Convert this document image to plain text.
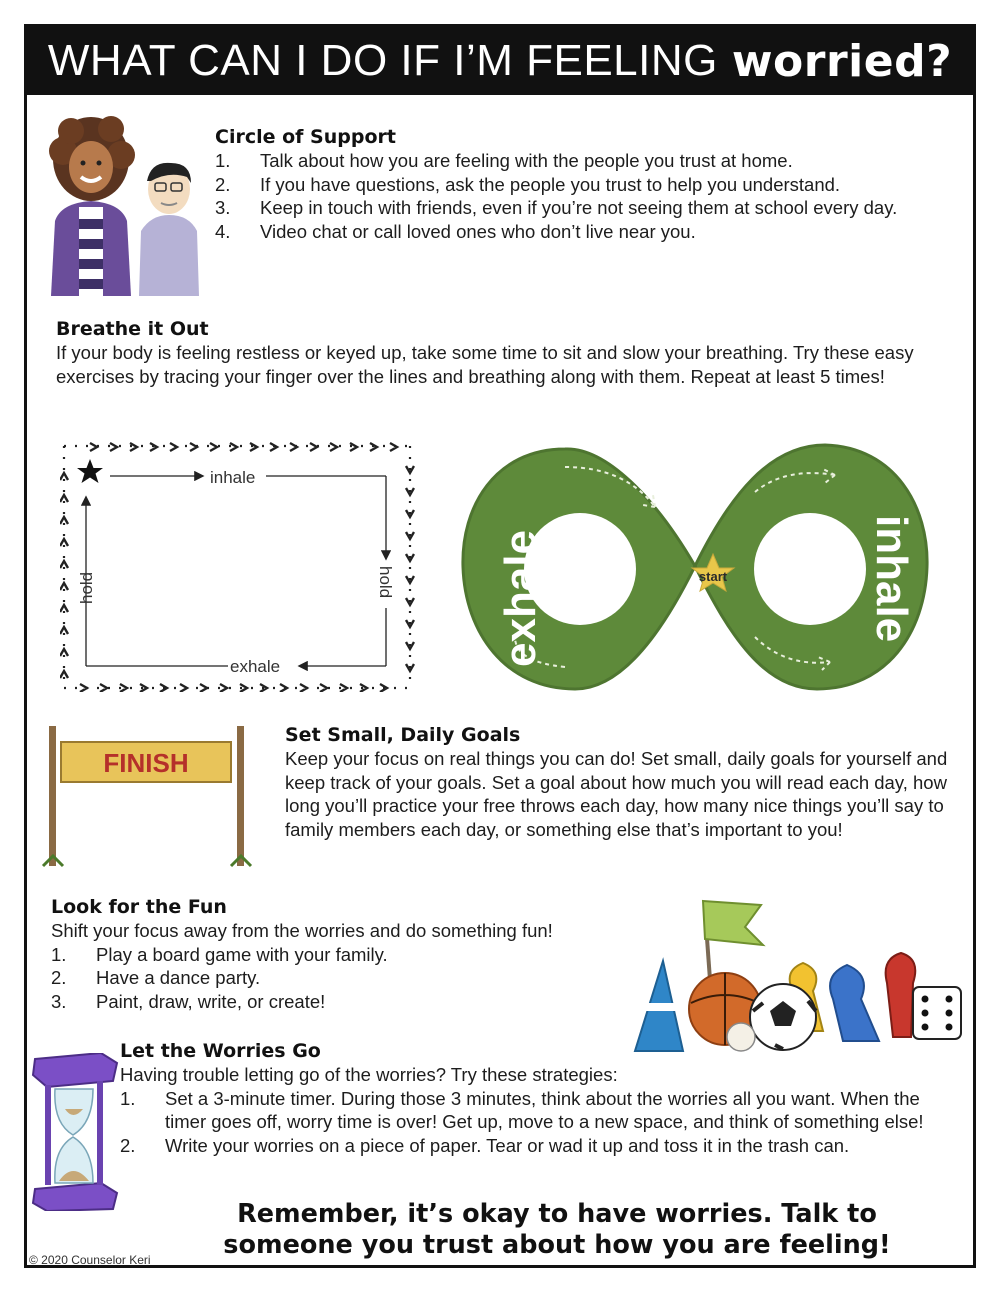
WHAT CAN I DO IF I’M FEELING worried?
Circle of Support
1.	Talk about how you are feeling with the people you trust at home.
2.	If you have questions, ask the people you trust to help you understand.
3.	Keep in touch with friends, even if you’re not seeing them at school every day.
4.	Video chat or call loved ones who don’t live near you.
Breathe it Out
If your body is feeling restless or keyed up, take some time to sit and slow your breathing. Try these easy exercises by tracing your finger over the lines and breathing along with them. Repeat at least 5 times!
inhale
exhale
hold
hold	start
exhale	inhale
FINISH
Set Small, Daily Goals
Keep your focus on real things you can do! Set small, daily goals for yourself and keep track of your goals. Set a goal about how much you will read each day, how long you’ll practice your free throws each day, how many nice things you’ll say to family members each day, or something else that’s important to you!
Look for the Fun
Shift your focus away from the worries and do something fun!
1.	Play a board game with your family.
2.	Have a dance party.
3.	Paint, draw, write, or create!
Let the Worries Go
Having trouble letting go of the worries? Try these strategies:
1.	Set a 3-minute timer. During those 3 minutes, think about the worries all you want. When the timer goes off, worry time is over! Get up, move to a new space, and think of something else!
2.	Write your worries on a piece of paper. Tear or wad it up and toss it in the trash can.
Remember, it’s okay to have worries. Talk to someone you trust about how you are feeling!
© 2020 Counselor Keri
